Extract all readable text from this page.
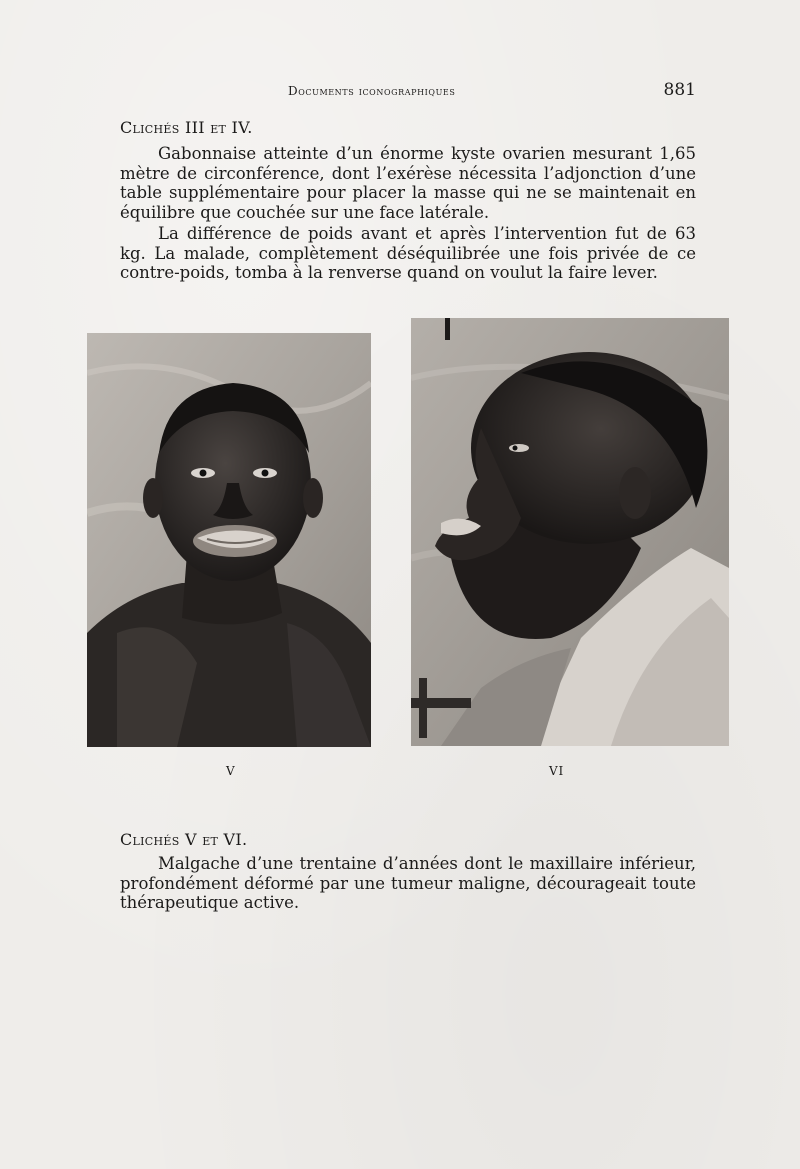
Documents iconographiques	881
Clichés III et IV.

Gabonnaise atteinte d’un énorme kyste ovarien mesurant 1,65 mètre de circonférence, dont l’exérèse nécessita l’adjonction d’une table supplémentaire pour placer la masse qui ne se maintenait en équilibre que couchée sur une face latérale.

La différence de poids avant et après l’intervention fut de 63 kg. La malade, complètement déséquilibrée une fois privée de ce contre-poids, tomba à la renverse quand on voulut la faire lever.

V	VI
Clichés V et VI.

Malgache d’une trentaine d’années dont le maxillaire inférieur, profondément déformé par une tumeur maligne, décourageait toute thérapeutique active.
